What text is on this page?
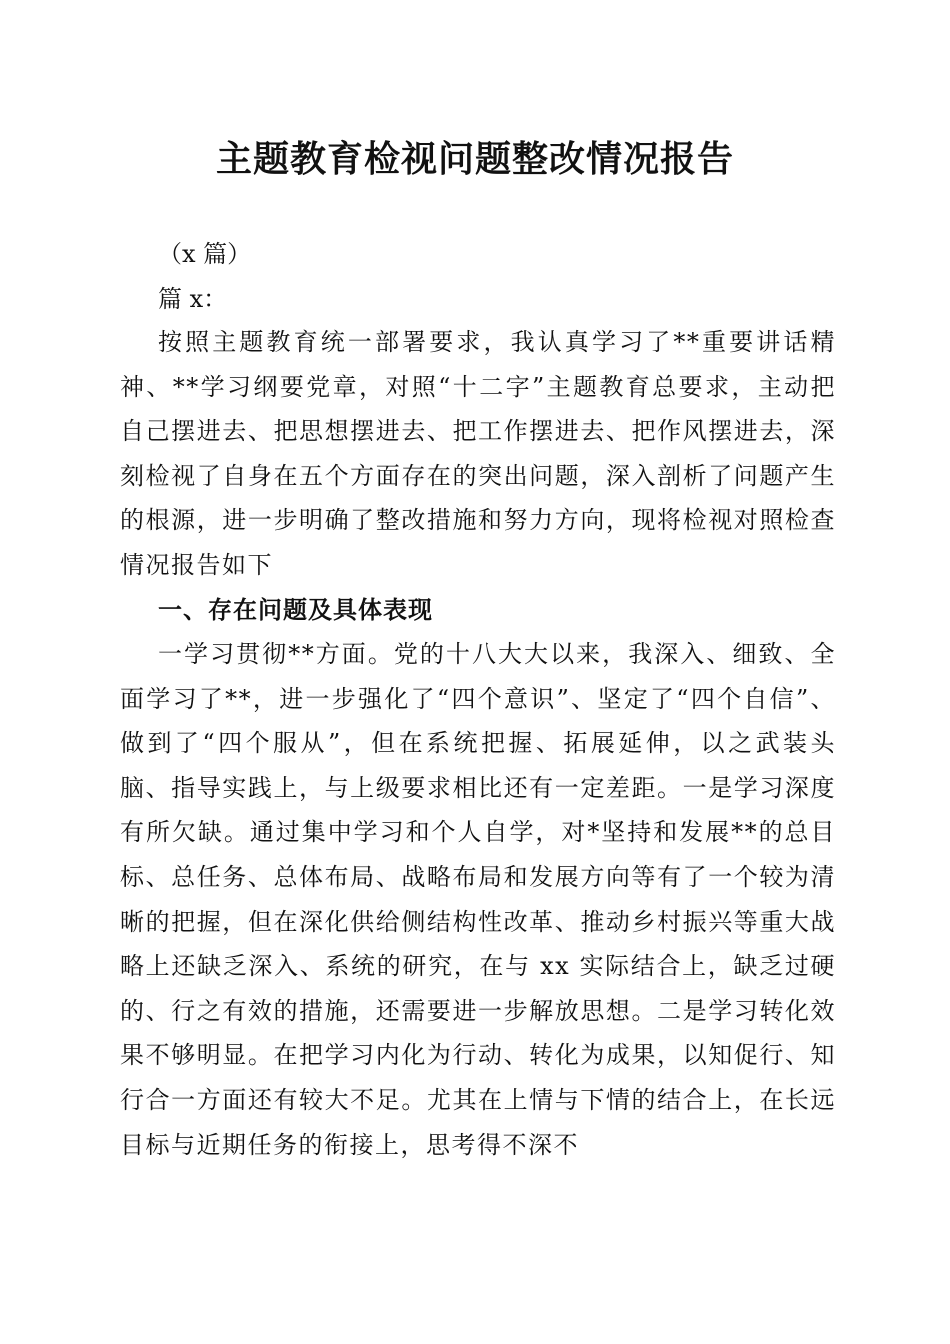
主题教育检视问题整改情况报告

（x 篇）

篇 x：

按照主题教育统一部署要求，我认真学习了**重要讲话精神、**学习纲要党章，对照“十二字”主题教育总要求，主动把自己摆进去、把思想摆进去、把工作摆进去、把作风摆进去，深刻检视了自身在五个方面存在的突出问题，深入剖析了问题产生的根源，进一步明确了整改措施和努力方向，现将检视对照检查情况报告如下

一、存在问题及具体表现

一学习贯彻**方面。党的十八大大以来，我深入、细致、全面学习了**，进一步强化了“四个意识”、坚定了“四个自信”、做到了“四个服从”，但在系统把握、拓展延伸，以之武装头脑、指导实践上，与上级要求相比还有一定差距。一是学习深度有所欠缺。通过集中学习和个人自学，对*坚持和发展**的总目标、总任务、总体布局、战略布局和发展方向等有了一个较为清晰的把握，但在深化供给侧结构性改革、推动乡村振兴等重大战略上还缺乏深入、系统的研究，在与 xx 实际结合上，缺乏过硬的、行之有效的措施，还需要进一步解放思想。二是学习转化效果不够明显。在把学习内化为行动、转化为成果，以知促行、知行合一方面还有较大不足。尤其在上情与下情的结合上，在长远目标与近期任务的衔接上，思考得不深不
